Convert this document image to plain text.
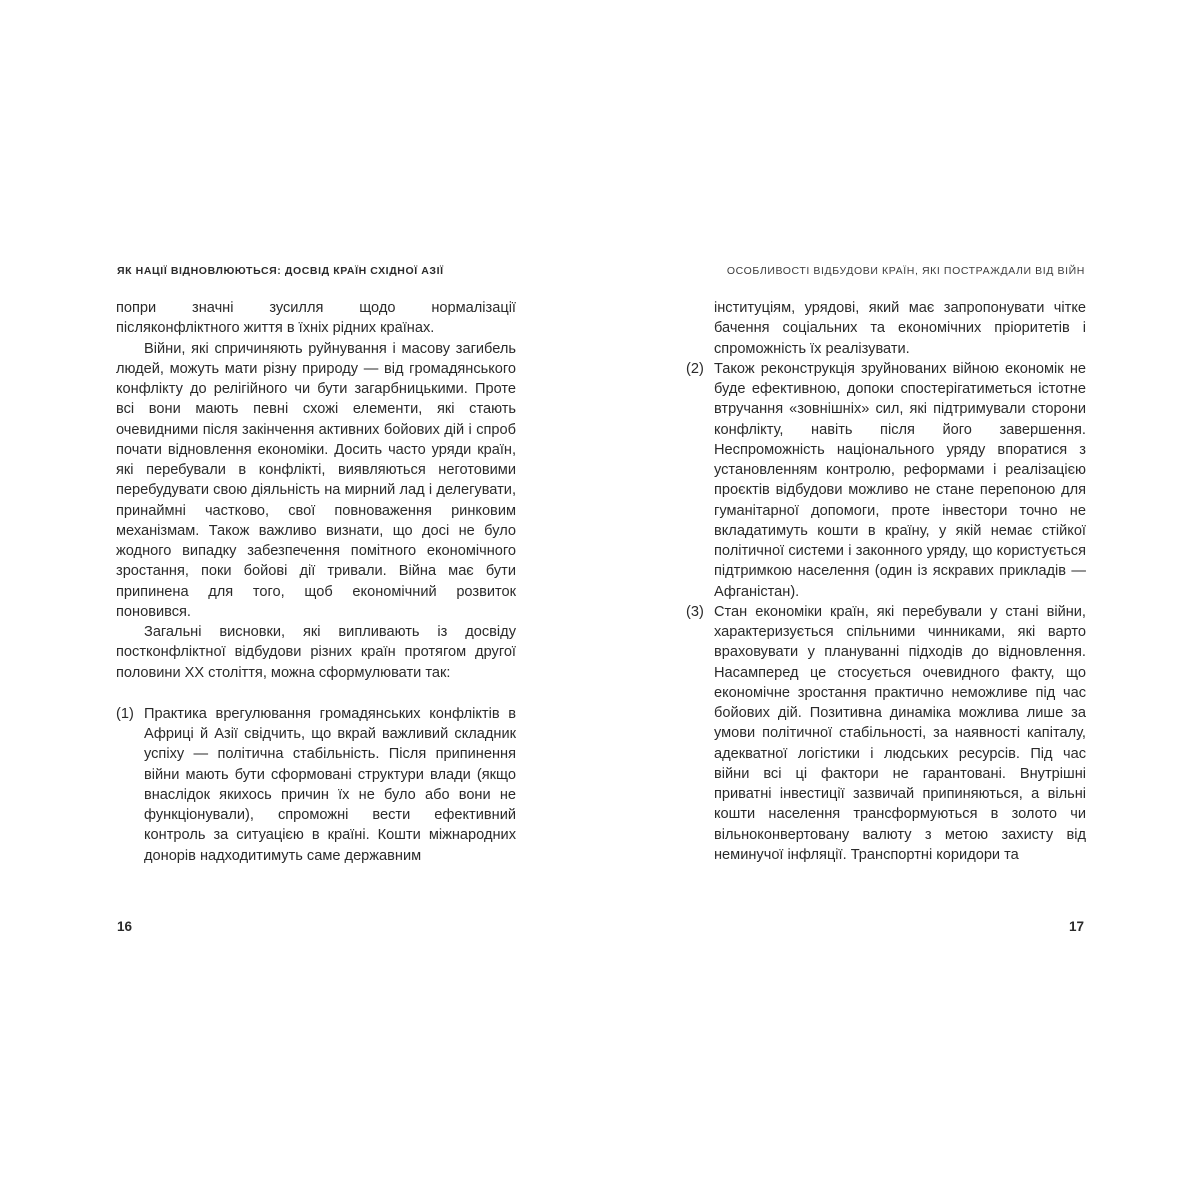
ЯК НАЦІЇ ВІДНОВЛЮЮТЬСЯ: ДОСВІД КРАЇН СХІДНОЇ АЗІЇ

попри значні зусилля щодо нормалізації післяконфліктного життя в їхніх рідних країнах.

Війни, які спричиняють руйнування і масову загибель людей, можуть мати різну природу — від громадянського конфлікту до релігійного чи бути загарбницькими. Проте всі вони мають певні схожі елементи, які стають очевидними після закінчення активних бойових дій і спроб почати відновлення економіки. Досить часто уряди країн, які перебували в конфлікті, виявляються неготовими перебудувати свою діяльність на мирний лад і делегувати, принаймні частково, свої повноваження ринковим механізмам. Також важливо визнати, що досі не було жодного випадку забезпечення помітного економічного зростання, поки бойові дії тривали. Війна має бути припинена для того, щоб економічний розвиток поновився.

Загальні висновки, які випливають із досвіду постконфліктної відбудови різних країн протягом другої половини XX століття, можна сформулювати так:

(1) Практика врегулювання громадянських конфліктів в Африці й Азії свідчить, що вкрай важливий складник успіху — політична стабільність. Після припинення війни мають бути сформовані структури влади (якщо внаслідок якихось причин їх не було або вони не функціонували), спроможні вести ефективний контроль за ситуацією в країні. Кошти міжнародних донорів надходитимуть саме державним

16
ОСОБЛИВОСТІ ВІДБУДОВИ КРАЇН, ЯКІ ПОСТРАЖДАЛИ ВІД ВІЙН

інституціям, урядові, який має запропонувати чітке бачення соціальних та економічних пріоритетів і спроможність їх реалізувати.

(2) Також реконструкція зруйнованих війною економік не буде ефективною, допоки спостерігатиметься істотне втручання «зовнішніх» сил, які підтримували сторони конфлікту, навіть після його завершення. Неспроможність національного уряду впоратися з установленням контролю, реформами і реалізацією проєктів відбудови можливо не стане перепоною для гуманітарної допомоги, проте інвестори точно не вкладатимуть кошти в країну, у якій немає стійкої політичної системи і законного уряду, що користується підтримкою населення (один із яскравих прикладів — Афганістан).

(3) Стан економіки країн, які перебували у стані війни, характеризується спільними чинниками, які варто враховувати у плануванні підходів до відновлення. Насамперед це стосується очевидного факту, що економічне зростання практично неможливе під час бойових дій. Позитивна динаміка можлива лише за умови політичної стабільності, за наявності капіталу, адекватної логістики і людських ресурсів. Під час війни всі ці фактори не гарантовані. Внутрішні приватні інвестиції зазвичай припиняються, а вільні кошти населення трансформуються в золото чи вільноконвертовану валюту з метою захисту від неминучої інфляції. Транспортні коридори та

17
